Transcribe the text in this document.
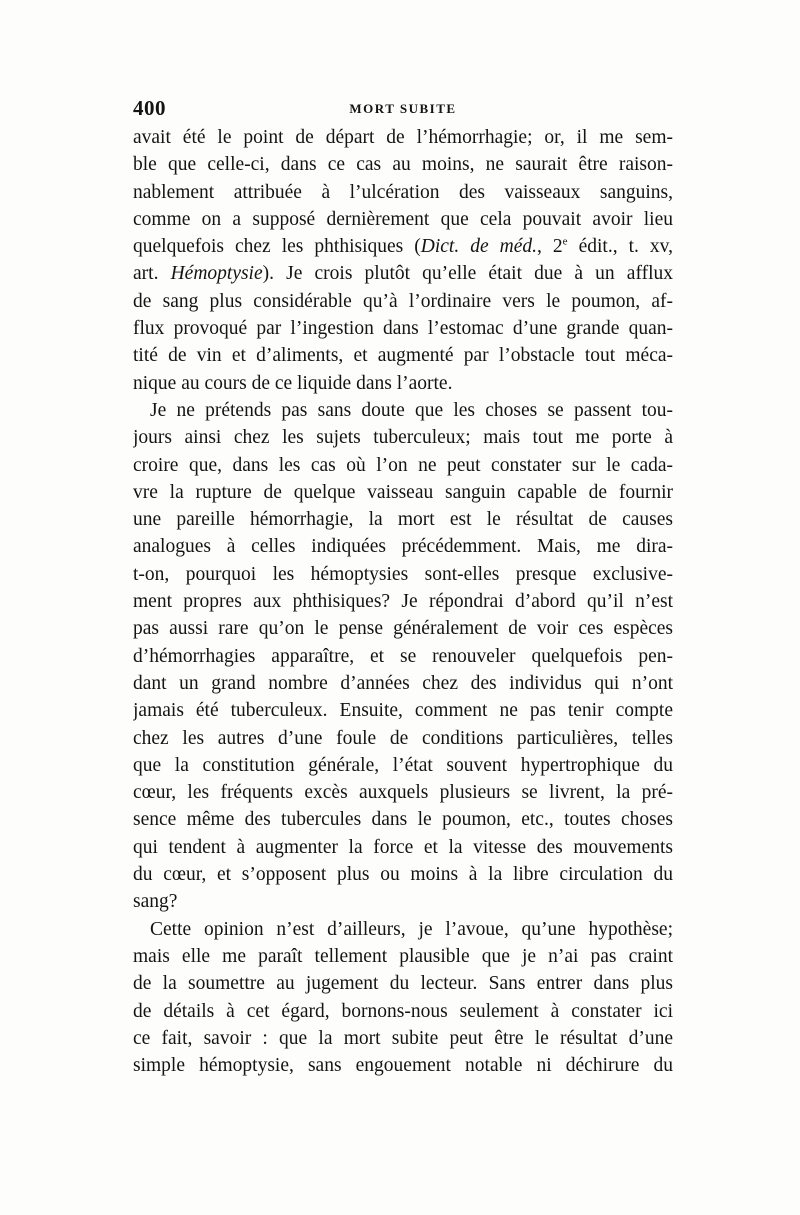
400	MORT SUBITE
avait été le point de départ de l’hémorrhagie; or, il me sem-
ble que celle-ci, dans ce cas au moins, ne saurait être raison-
nablement attribuée à l’ulcération des vaisseaux sanguins,
comme on a supposé dernièrement que cela pouvait avoir lieu
quelquefois chez les phthisiques (Dict. de méd., 2e édit., t. xv,
art. Hémoptysie). Je crois plutôt qu’elle était due à un afflux
de sang plus considérable qu’à l’ordinaire vers le poumon, af-
flux provoqué par l’ingestion dans l’estomac d’une grande quan-
tité de vin et d’aliments, et augmenté par l’obstacle tout méca-
nique au cours de ce liquide dans l’aorte.
Je ne prétends pas sans doute que les choses se passent tou-
jours ainsi chez les sujets tuberculeux; mais tout me porte à
croire que, dans les cas où l’on ne peut constater sur le cada-
vre la rupture de quelque vaisseau sanguin capable de fournir
une pareille hémorrhagie, la mort est le résultat de causes
analogues à celles indiquées précédemment. Mais, me dira-
t-on, pourquoi les hémoptysies sont-elles presque exclusive-
ment propres aux phthisiques? Je répondrai d’abord qu’il n’est
pas aussi rare qu’on le pense généralement de voir ces espèces
d’hémorrhagies apparaître, et se renouveler quelquefois pen-
dant un grand nombre d’années chez des individus qui n’ont
jamais été tuberculeux. Ensuite, comment ne pas tenir compte
chez les autres d’une foule de conditions particulières, telles
que la constitution générale, l’état souvent hypertrophique du
cœur, les fréquents excès auxquels plusieurs se livrent, la pré-
sence même des tubercules dans le poumon, etc., toutes choses
qui tendent à augmenter la force et la vitesse des mouvements
du cœur, et s’opposent plus ou moins à la libre circulation du
sang?
Cette opinion n’est d’ailleurs, je l’avoue, qu’une hypothèse;
mais elle me paraît tellement plausible que je n’ai pas craint
de la soumettre au jugement du lecteur. Sans entrer dans plus
de détails à cet égard, bornons-nous seulement à constater ici
ce fait, savoir : que la mort subite peut être le résultat d’une
simple hémoptysie, sans engouement notable ni déchirure du
